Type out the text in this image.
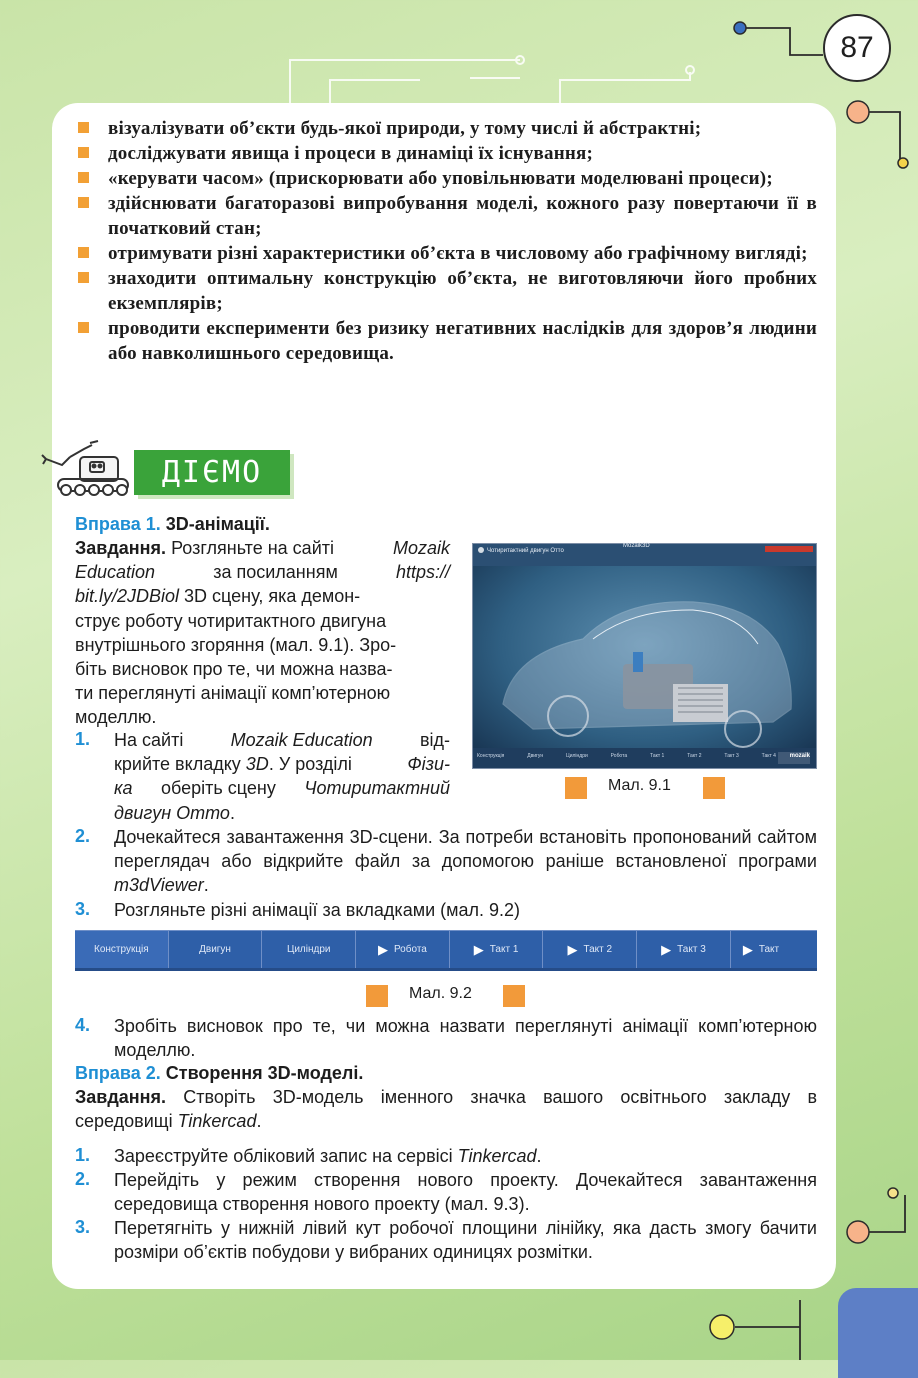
87
візуалізувати об’єкти будь-якої природи, у тому числі й абстрактні;
досліджувати явища і процеси в динаміці їх існування;
«керувати часом» (прискорювати або уповільнювати моделювані процеси);
здійснювати багаторазові випробування моделі, кожного разу повертаючи її в початковий стан;
отримувати різні характеристики об’єкта в числовому або графічному вигляді;
знаходити оптимальну конструкцію об’єкта, не виготовляючи його пробних екземплярів;
проводити експерименти без ризику негативних наслідків для здоров’я людини або навколишнього середовища.
ДІЄМО
Вправа 1. 3D-анімації.
Завдання. Розгляньте на сайті	Mozaik
Education	за посиланням	https://
bit.ly/2JDBiol 3D сцену, яка демон-
струє роботу чотиритактного двигуна
внутрішнього згоряння (мал. 9.1). Зро-
біть висновок про те, чи можна назва-
ти переглянуті анімації комп’ютерною
моделлю.
1. На сайті	Mozaik Education	від-
крийте вкладку 3D. У розділі	Фізи-
ка оберіть сцену Чотиритактний
двигун Отто.
Чотиритактний двигун Отто
Mozaik3D
Конструкція	Двигун	Циліндри	Робота	Такт 1	Такт 2	Такт 3	Такт 4 mozaik
Мал. 9.1
2. Дочекайтеся завантаження 3D-сцени. За потреби встановіть пропонований сайтом переглядач або відкрийте файл за допомогою раніше встановленої програми m3dViewer.
3. Розгляньте різні анімації за вкладками (мал. 9.2)
Конструкція	Двигун	Циліндри	▶ Робота	▶ Такт 1	▶ Такт 2	▶ Такт 3	▶ Такт
Мал. 9.2
4. Зробіть висновок про те, чи можна назвати переглянуті анімації комп’ютерною моделлю.
Вправа 2. Створення 3D-моделі.
Завдання. Створіть 3D-модель іменного значка вашого освітнього закладу в середовищі Tinkercad.
1. Зареєструйте обліковий запис на сервісі Tinkercad.
2. Перейдіть у режим створення нового проекту. Дочекайтеся завантаження середовища створення нового проекту (мал. 9.3).
3. Перетягніть у нижній лівий кут робочої площини лінійку, яка дасть змогу бачити розміри об’єктів побудови у вибраних одиницях розмітки.
